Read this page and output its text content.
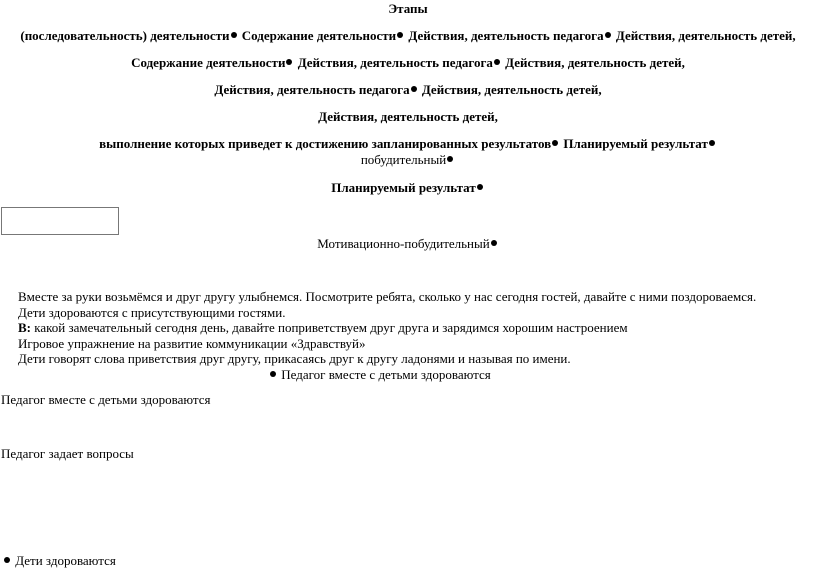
Этапы
(последовательность) деятельности Содержание деятельности Действия, деятельность педагога Действия, деятельность детей,
Содержание деятельности Действия, деятельность педагога Действия, деятельность детей,
Действия, деятельность педагога Действия, деятельность детей,
Действия, деятельность детей,
выполнение которых приведет к достижению запланированных результатов Планируемый результат
побудительный
Планируемый результат
Мотивационно-побудительный
Вместе за руки возьмёмся и друг другу улыбнемся. Посмотрите ребята, сколько у нас сегодня гостей, давайте с ними поздороваемся.
Дети здороваются с присутствующими гостями.
В: какой замечательный сегодня день, давайте поприветствуем друг друга и зарядимся хорошим настроением
Игровое упражнение на развитие коммуникации «Здравствуй»
Дети говорят слова приветствия друг другу, прикасаясь друг к другу ладонями и называя по имени.
Педагог вместе с детьми здороваются
Педагог вместе с детьми здороваются
Педагог задает вопросы
Дети здороваются
